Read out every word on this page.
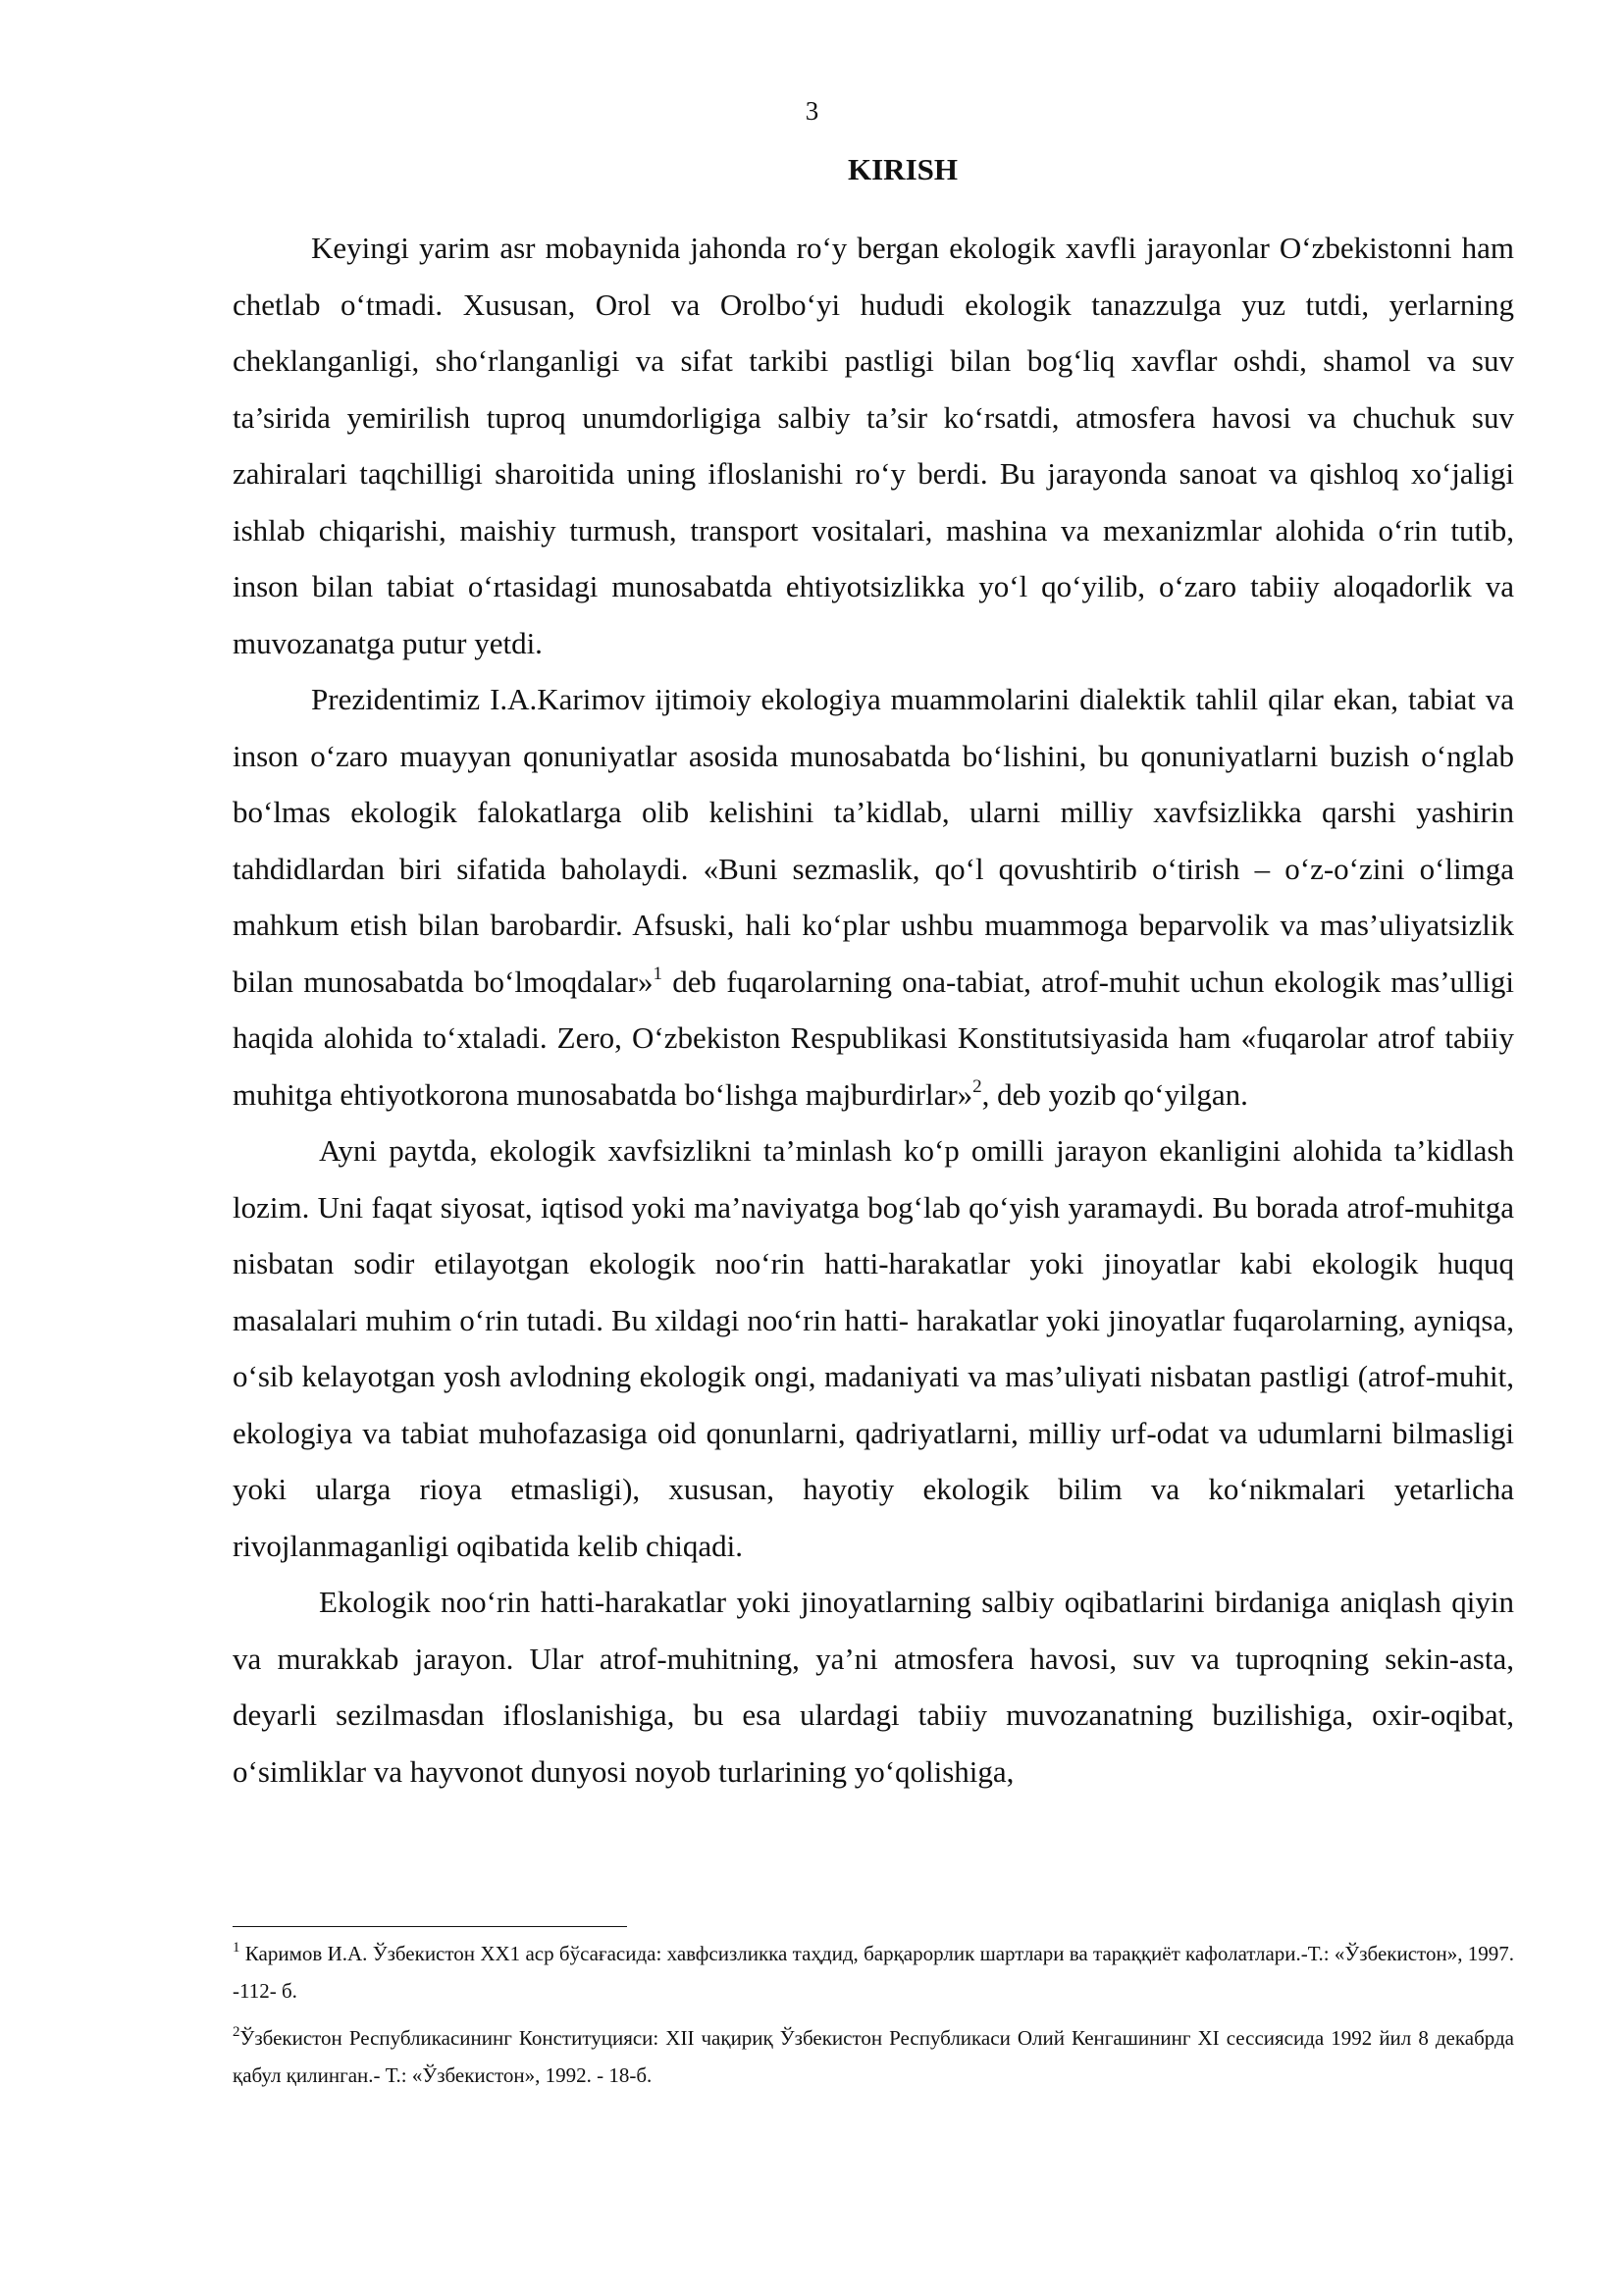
3
KIRISH

Keyingi yarim asr mobaynida jahonda ro‘y bergan ekologik xavfli jarayonlar O‘zbekistonni ham chetlab o‘tmadi. Xususan, Orol va Orolbo‘yi hududi ekologik tanazzulga yuz tutdi, yerlarning cheklanganligi, sho‘rlanganligi va sifat tarkibi pastligi bilan bog‘liq xavflar oshdi, shamol va suv ta’sirida yemirilish tuproq unumdorligiga salbiy ta’sir ko‘rsatdi, atmosfera havosi va chuchuk suv zahiralari taqchilligi sharoitida uning ifloslanishi ro‘y berdi. Bu jarayonda sanoat va qishloq xo‘jaligi ishlab chiqarishi, maishiy turmush, transport vositalari, mashina va mexanizmlar alohida o‘rin tutib, inson bilan tabiat o‘rtasidagi munosabatda ehtiyotsizlikka yo‘l qo‘yilib, o‘zaro tabiiy aloqadorlik va muvozanatga putur yetdi.

Prezidentimiz I.A.Karimov ijtimoiy ekologiya muammolarini dialektik tahlil qilar ekan, tabiat va inson o‘zaro muayyan qonuniyatlar asosida munosabatda bo‘lishini, bu qonuniyatlarni buzish o‘nglab bo‘lmas ekologik falokatlarga olib kelishini ta’kidlab, ularni milliy xavfsizlikka qarshi yashirin tahdidlardan biri sifatida baholaydi. «Buni sezmaslik, qo‘l qovushtirib o‘tirish – o‘z-o‘zini o‘limga mahkum etish bilan barobardir. Afsuski, hali ko‘plar ushbu muammoga beparvolik va mas’uliyatsizlik bilan munosabatda bo‘lmoqdalar»$^1$ deb fuqarolarning ona-tabiat, atrof-muhit uchun ekologik mas’ulligi haqida alohida to‘xtaladi. Zero, O‘zbekiston Respublikasi Konstitutsiyasida ham «fuqarolar atrof tabiiy muhitga ehtiyotkorona munosabatda bo‘lishga majburdirlar»$^2$, deb yozib qo‘yilgan.

Ayni paytda, ekologik xavfsizlikni ta’minlash ko‘p omilli jarayon ekanligini alohida ta’kidlash lozim. Uni faqat siyosat, iqtisod yoki ma’naviyatga bog‘lab qo‘yish yaramaydi. Bu borada atrof-muhitga nisbatan sodir etilayotgan ekologik noo‘rin hatti-harakatlar yoki jinoyatlar kabi ekologik huquq masalalari muhim o‘rin tutadi. Bu xildagi noo‘rin hatti- harakatlar yoki jinoyatlar fuqarolarning, ayniqsa, o‘sib kelayotgan yosh avlodning ekologik ongi, madaniyati va mas’uliyati nisbatan pastligi (atrof-muhit, ekologiya va tabiat muhofazasiga oid qonunlarni, qadriyatlarni, milliy urf-odat va udumlarni bilmasligi yoki ularga rioya etmasligi), xususan, hayotiy ekologik bilim va ko‘nikmalari yetarlicha rivojlanmaganligi oqibatida kelib chiqadi.

Ekologik noo‘rin hatti-harakatlar yoki jinoyatlarning salbiy oqibatlarini birdaniga aniqlash qiyin va murakkab jarayon. Ular atrof-muhitning, ya’ni atmosfera havosi, suv va tuproqning sekin-asta, deyarli sezilmasdan ifloslanishiga, bu esa ulardagi tabiiy muvozanatning buzilishiga, oxir-oqibat, o‘simliklar va hayvonot dunyosi noyob turlarining yo‘qolishiga,

$^1$ Каримов И.А. Ўзбекистон ХХ1 аср бўсағасида: хавфсизликка таҳдид, барқарорлик шартлари ва тараққиёт кафолатлари.-Т.: «Ўзбекистон», 1997. -112- б.

$^2$Ўзбекистон Республикасининг Конституцияси: XII чақириқ Ўзбекистон Республикаси Олий Кенгашининг XI сессиясида 1992 йил 8 декабрда қабул қилинган.- Т.: «Ўзбекистон», 1992. - 18-б.
